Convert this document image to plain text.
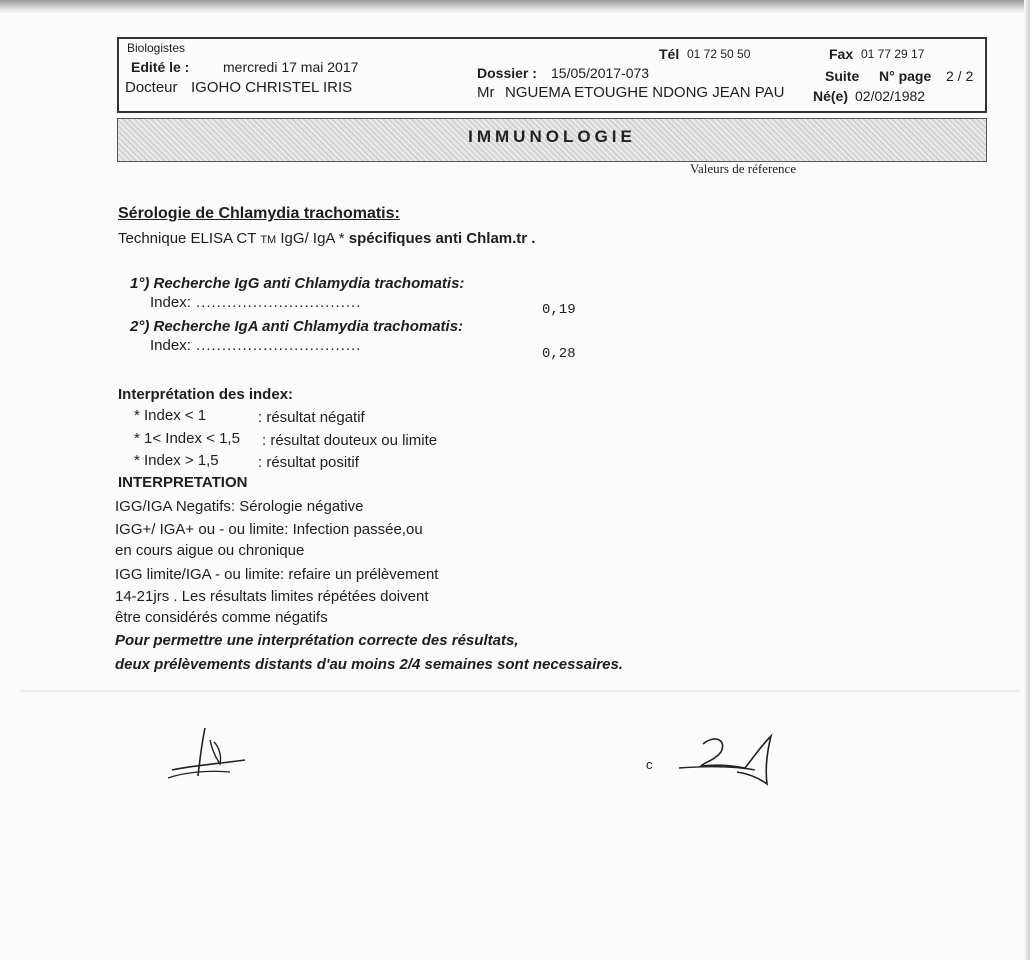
Biologistes
Edité le : mercredi 17 mai 2017
Docteur IGOHO CHRISTEL IRIS
Tél 01 72 50 50	Fax 01 77 29 17
Dossier : 15/05/2017-073	Suite N° page 2 / 2
Mr NGUEMA ETOUGHE NDONG JEAN PAU Né(e) 02/02/1982
IMMUNOLOGIE
Valeurs de réference
Sérologie de Chlamydia trachomatis:
Technique ELISA CT TM IgG/ IgA * spécifiques anti Chlam.tr .
1°) Recherche IgG anti Chlamydia trachomatis:
Index: ................................	0,19
2°) Recherche IgA anti Chlamydia trachomatis:
Index: ................................	0,28
Interprétation des index:
* Index < 1	: résultat négatif
* 1< Index < 1,5 : résultat douteux ou limite
* Index > 1,5	: résultat positif
INTERPRETATION
IGG/IGA Negatifs: Sérologie négative
IGG+/ IGA+ ou - ou limite: Infection passée,ou
en cours aigue ou chronique
IGG limite/IGA - ou limite: refaire un prélèvement
14-21jrs . Les résultats limites répétées doivent
être considérés comme négatifs
Pour permettre une interprétation correcte des résultats,
deux prélèvements distants d'au moins 2/4 semaines sont necessaires.
c
